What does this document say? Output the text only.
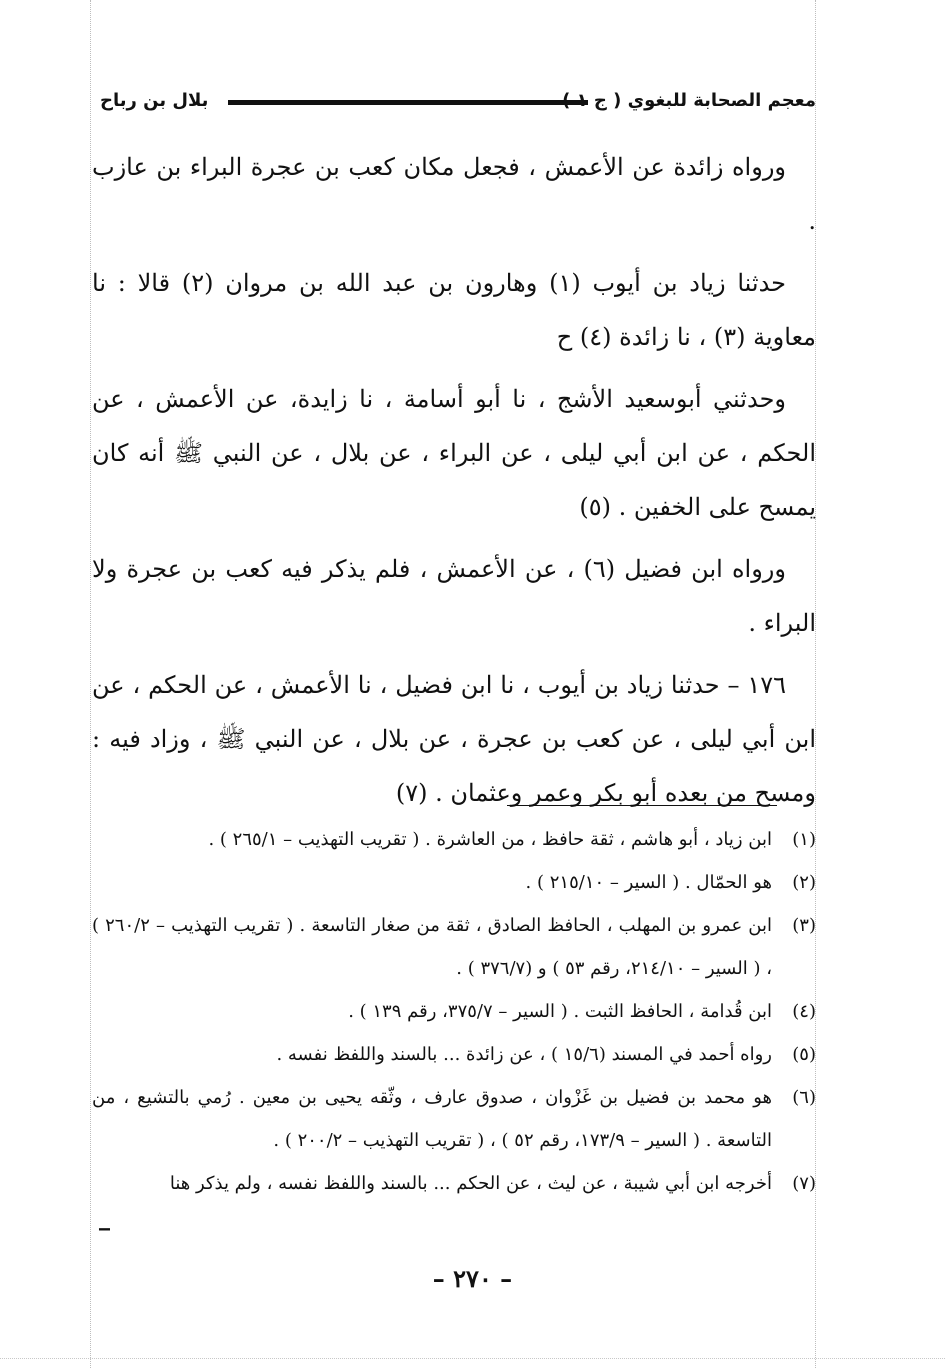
معجم الصحابة للبغوي ( ج
بلال بن رباح

ورواه زائدة عن الأعمش ، فجعل مكان كعب بن عجرة البراء بن عازب .

حدثنا زياد بن أيوب (١) وهارون بن عبد الله بن مروان (٢) قالا : نا معاوية (٣) ، نا زائدة (٤) ح

وحدثني أبوسعيد الأشج ، نا أبو أسامة ، نا زايدة، عن الأعمش ، عن الحكم ، عن ابن أبي ليلى ، عن البراء ، عن بلال ، عن النبي ﷺ أنه كان يمسح على الخفين . (٥)

ورواه ابن فضيل (٦) ، عن الأعمش ، فلم يذكر فيه كعب بن عجرة ولا البراء .

١٧٦ – حدثنا زياد بن أيوب ، نا ابن فضيل ، نا الأعمش ، عن الحكم ، عن ابن أبي ليلى ، عن كعب بن عجرة ، عن بلال ، عن النبي ﷺ ، وزاد فيه : ومسح من بعده أبو بكر وعمر وعثمان . (٧)

(١)
ابن زياد ، أبو هاشم ، ثقة حافظ ، من العاشرة . ( تقريب التهذيب – ٢٦٥/١ ) .
(٢)
هو الحمّال . ( السير – ٢١٥/١٠ ) .
(٣)
ابن عمرو بن المهلب ، الحافظ الصادق ، ثقة من صغار التاسعة . ( تقريب التهذيب – ٢٦٠/٢ ) ، ( السير – ٢١٤/١٠، رقم ٥٣ ) و (٣٧٦/٧ ) .
(٤)
ابن قُدامة ، الحافظ الثبت . ( السير – ٣٧٥/٧، رقم ١٣٩ ) .
(٥)
رواه أحمد في المسند (١٥/٦ ) ، عن زائدة ... بالسند واللفظ نفسه .
(٦)
هو محمد بن فضيل بن غَزْوان ، صدوق عارف ، وثّقه يحيى بن معين . رُمي بالتشيع ، من التاسعة . ( السير – ١٧٣/٩، رقم ٥٢ ) ، ( تقريب التهذيب – ٢٠٠/٢ ) .
(٧)
أخرجه ابن أبي شيبة ، عن ليث ، عن الحكم ... بالسند واللفظ نفسه ، ولم يذكر هنا
--
– ٢٧٠ –
